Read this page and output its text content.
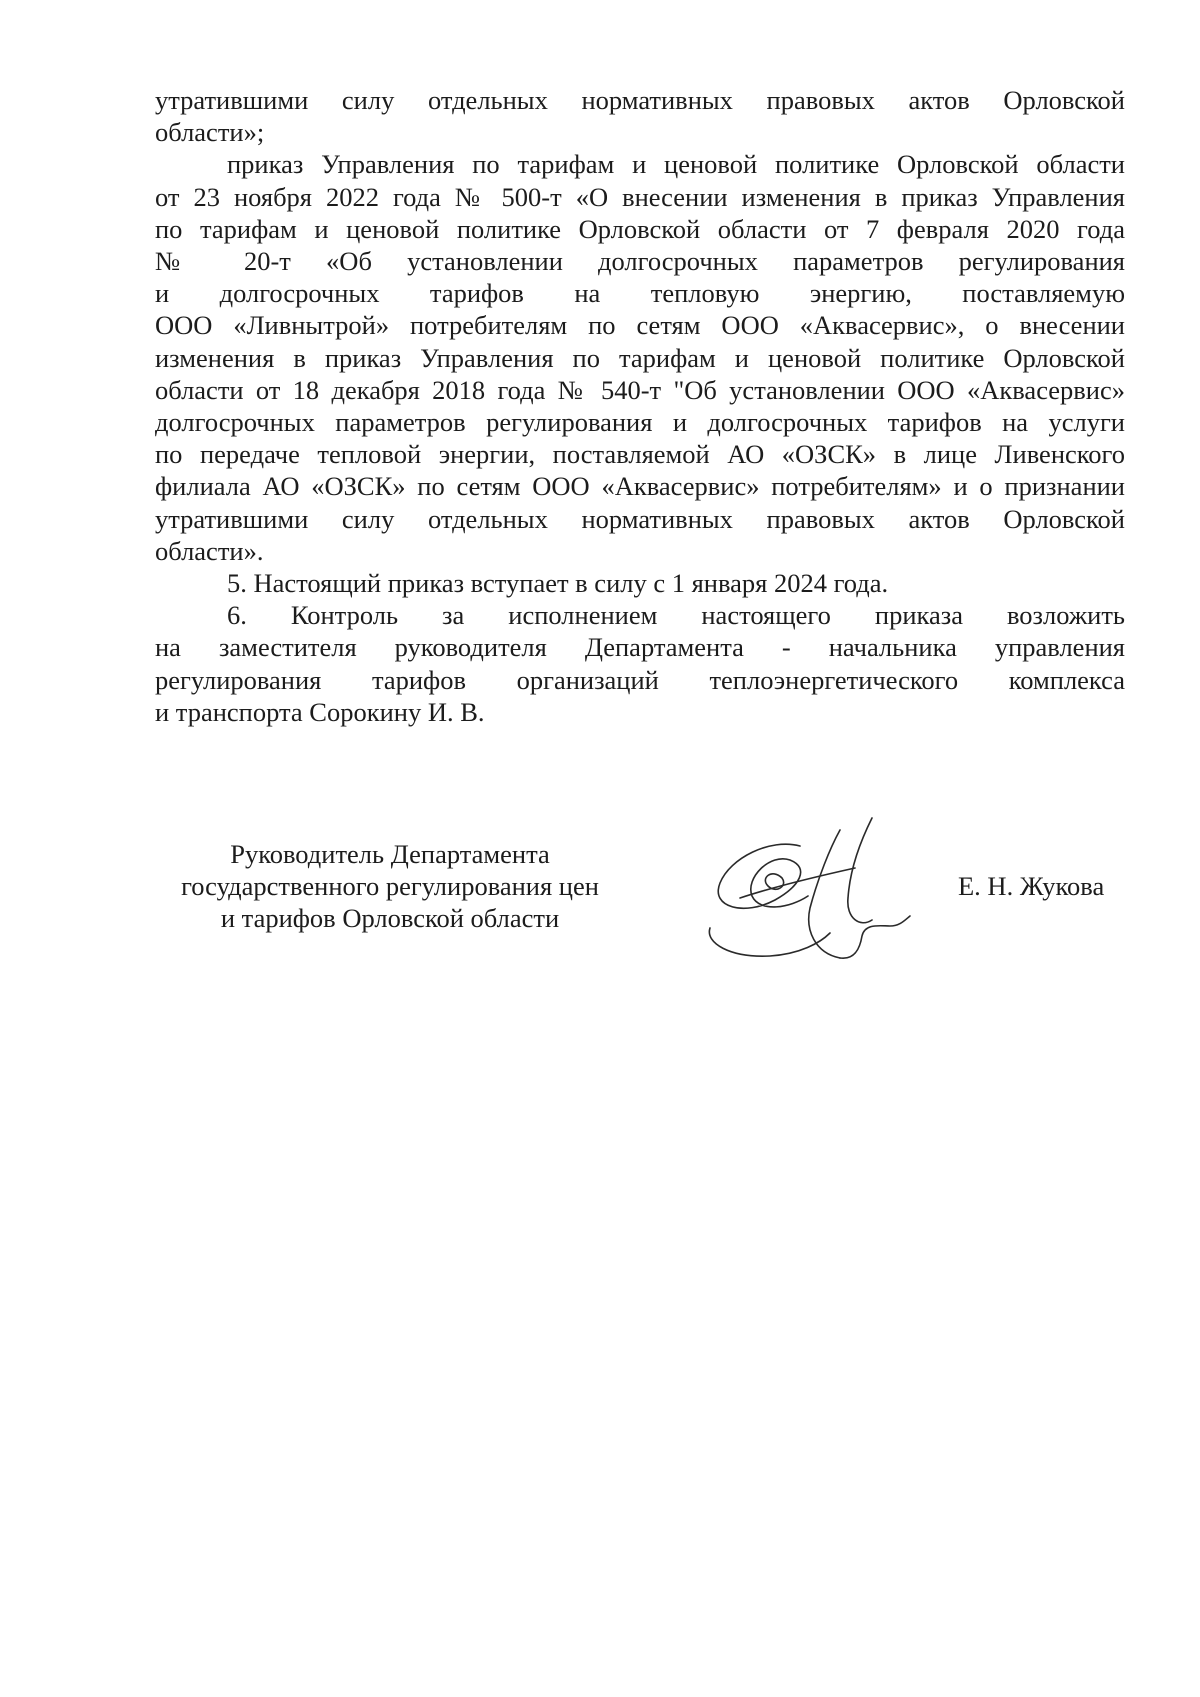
утратившими силу отдельных нормативных правовых актов Орловской
области»;
приказ Управления по тарифам и ценовой политике Орловской области
от 23 ноября 2022 года № 500-т «О внесении изменения в приказ Управления
по тарифам и ценовой политике Орловской области от 7 февраля 2020 года
№ 20-т «Об установлении долгосрочных параметров регулирования
и долгосрочных тарифов на тепловую энергию, поставляемую
ООО «Ливнытрой» потребителям по сетям ООО «Аквасервис», о внесении
изменения в приказ Управления по тарифам и ценовой политике Орловской
области от 18 декабря 2018 года № 540-т "Об установлении ООО «Аквасервис»
долгосрочных параметров регулирования и долгосрочных тарифов на услуги
по передаче тепловой энергии, поставляемой АО «ОЗСК» в лице Ливенского
филиала АО «ОЗСК» по сетям ООО «Аквасервис» потребителям» и о признании
утратившими силу отдельных нормативных правовых актов Орловской
области».
5. Настоящий приказ вступает в силу с 1 января 2024 года.
6. Контроль за исполнением настоящего приказа возложить
на заместителя руководителя Департамента - начальника управления
регулирования тарифов организаций теплоэнергетического комплекса
и транспорта Сорокину И. В.
Руководитель Департамента
государственного регулирования цен
и тарифов Орловской области
Е. Н. Жукова
